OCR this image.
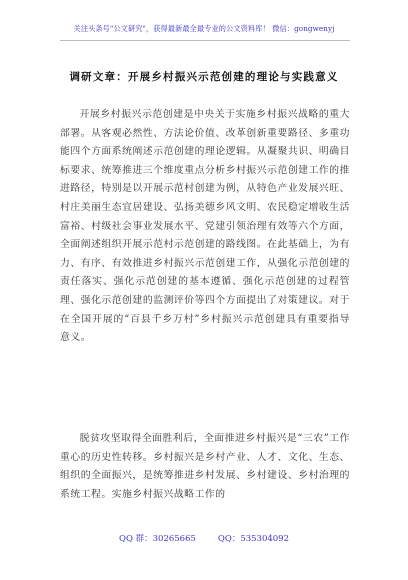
关注头条号"公文研究"，获得最新最全最专业的公文资料库！ 微信：gongwenyj
调研文章：开展乡村振兴示范创建的理论与实践意义

开展乡村振兴示范创建是中央关于实施乡村振兴战略的重大部署。从客观必然性、方法论价值、改革创新重要路径、多重功能四个方面系统阐述示范创建的理论逻辑。从凝聚共识、明确目标要求、统筹推进三个维度重点分析乡村振兴示范创建工作的推进路径，特别是以开展示范村创建为例，从特色产业发展兴旺、村庄美丽生态宜居建设、弘扬美德乡风文明、农民稳定增收生活富裕、村级社会事业发展水平、党建引领治理有效等六个方面，全面阐述组织开展示范村示范创建的路线图。在此基础上，为有力、有序、有效推进乡村振兴示范创建工作，从强化示范创建的责任落实、强化示范创建的基本遵循、强化示范创建的过程管理、强化示范创建的监测评价等四个方面提出了对策建议。对于在全国开展的“百县千乡万村”乡村振兴示范创建具有重要指导意义。

脱贫攻坚取得全面胜利后，全面推进乡村振兴是“三农”工作重心的历史性转移。乡村振兴是乡村产业、人才、文化、生态、组织的全面振兴，是统筹推进乡村发展、乡村建设、乡村治理的系统工程。实施乡村振兴战略工作的

QQ 群：30265665	QQ：535304092
